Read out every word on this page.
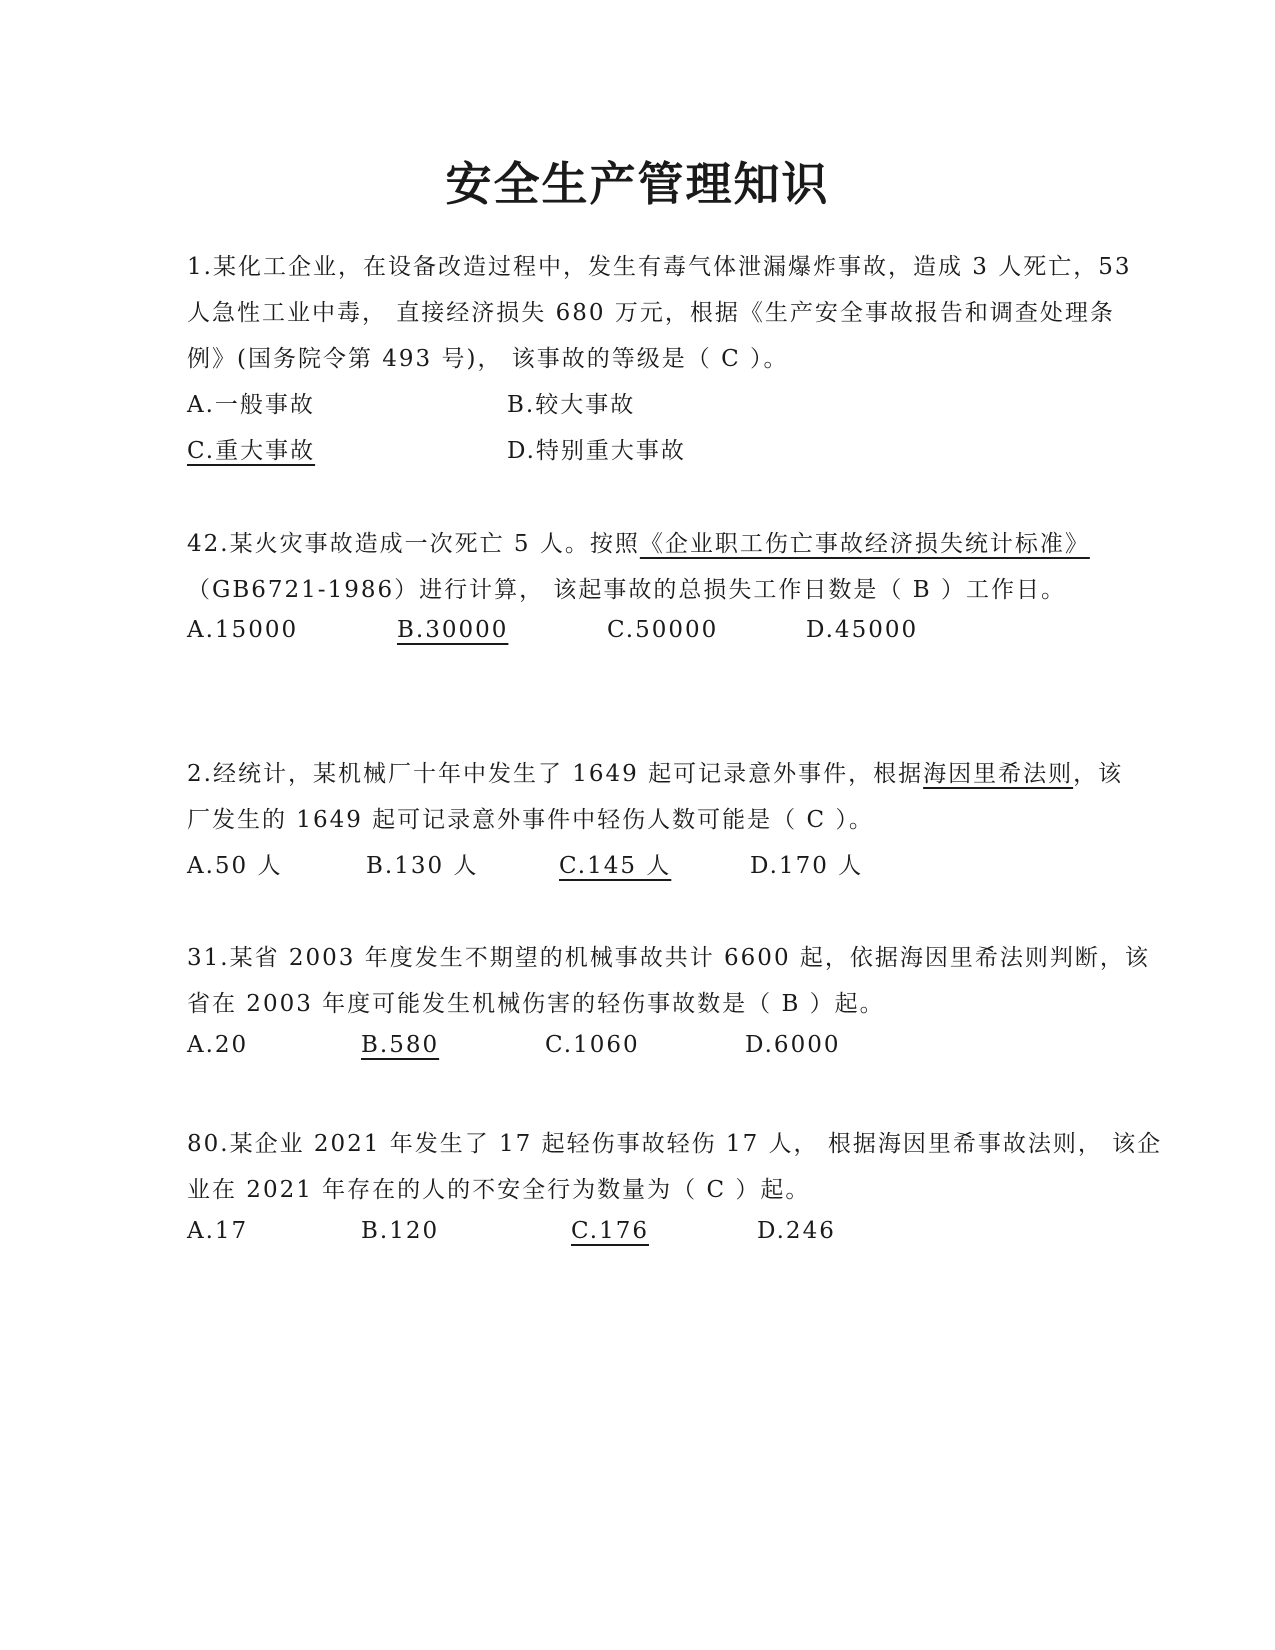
安全生产管理知识
1.某化工企业，在设备改造过程中，发生有毒气体泄漏爆炸事故，造成 3 人死亡，53
人急性工业中毒， 直接经济损失 680 万元，根据《生产安全事故报告和调查处理条
例》(国务院令第 493 号)， 该事故的等级是（ C ）。
A.一般事故	B.较大事故
C.重大事故	D.特别重大事故
42.某火灾事故造成一次死亡 5 人。按照《企业职工伤亡事故经济损失统计标准》
（GB6721-1986）进行计算， 该起事故的总损失工作日数是（ B ）工作日。
A.15000	B.30000	C.50000	D.45000
2.经统计，某机械厂十年中发生了 1649 起可记录意外事件，根据海因里希法则，该
厂发生的 1649 起可记录意外事件中轻伤人数可能是（ C ）。
A.50 人	B.130 人	C.145 人	D.170 人
31.某省 2003 年度发生不期望的机械事故共计 6600 起，依据海因里希法则判断，该
省在 2003 年度可能发生机械伤害的轻伤事故数是（ B ）起。
A.20	B.580	C.1060	D.6000
80.某企业 2021 年发生了 17 起轻伤事故轻伤 17 人， 根据海因里希事故法则， 该企
业在 2021 年存在的人的不安全行为数量为（ C ）起。
A.17	B.120	C.176	D.246
